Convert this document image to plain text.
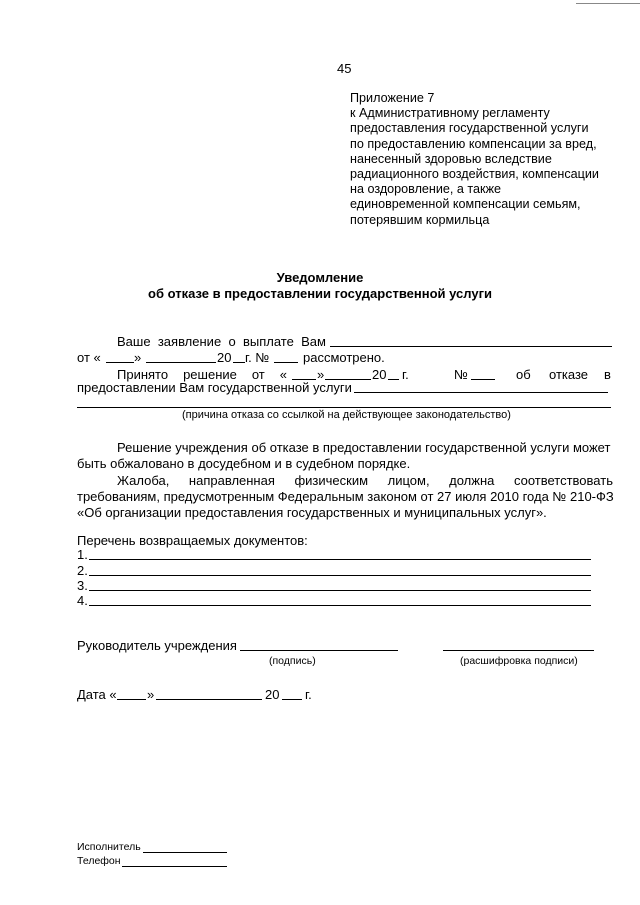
45
Приложение 7
к Административному регламенту
предоставления государственной услуги
по предоставлению компенсации за вред,
нанесенный здоровью вследствие
радиационного воздействия, компенсации
на оздоровление, а также
единовременной компенсации семьям,
потерявшим кормильца
Уведомление
об отказе в предоставлении государственной услуги
Ваше заявление о выплате Вам
от «	»	20 г. №	рассмотрено.
Принято решение от « »	20 г.	№	об отказе в
предоставлении Вам государственной услуги
(причина отказа со ссылкой на действующее законодательство)
Решение учреждения об отказе в предоставлении государственной услуги может
быть обжаловано в досудебном и в судебном порядке.
Жалоба, направленная физическим лицом, должна соответствовать
требованиям, предусмотренным Федеральным законом от 27 июля 2010 года № 210-ФЗ
«Об организации предоставления государственных и муниципальных услуг».
Перечень возвращаемых документов:
1.
2.
3.
4.
Руководитель учреждения
(подпись)	(расшифровка подписи)
Дата « »	20 г.
Исполнитель
Телефон
